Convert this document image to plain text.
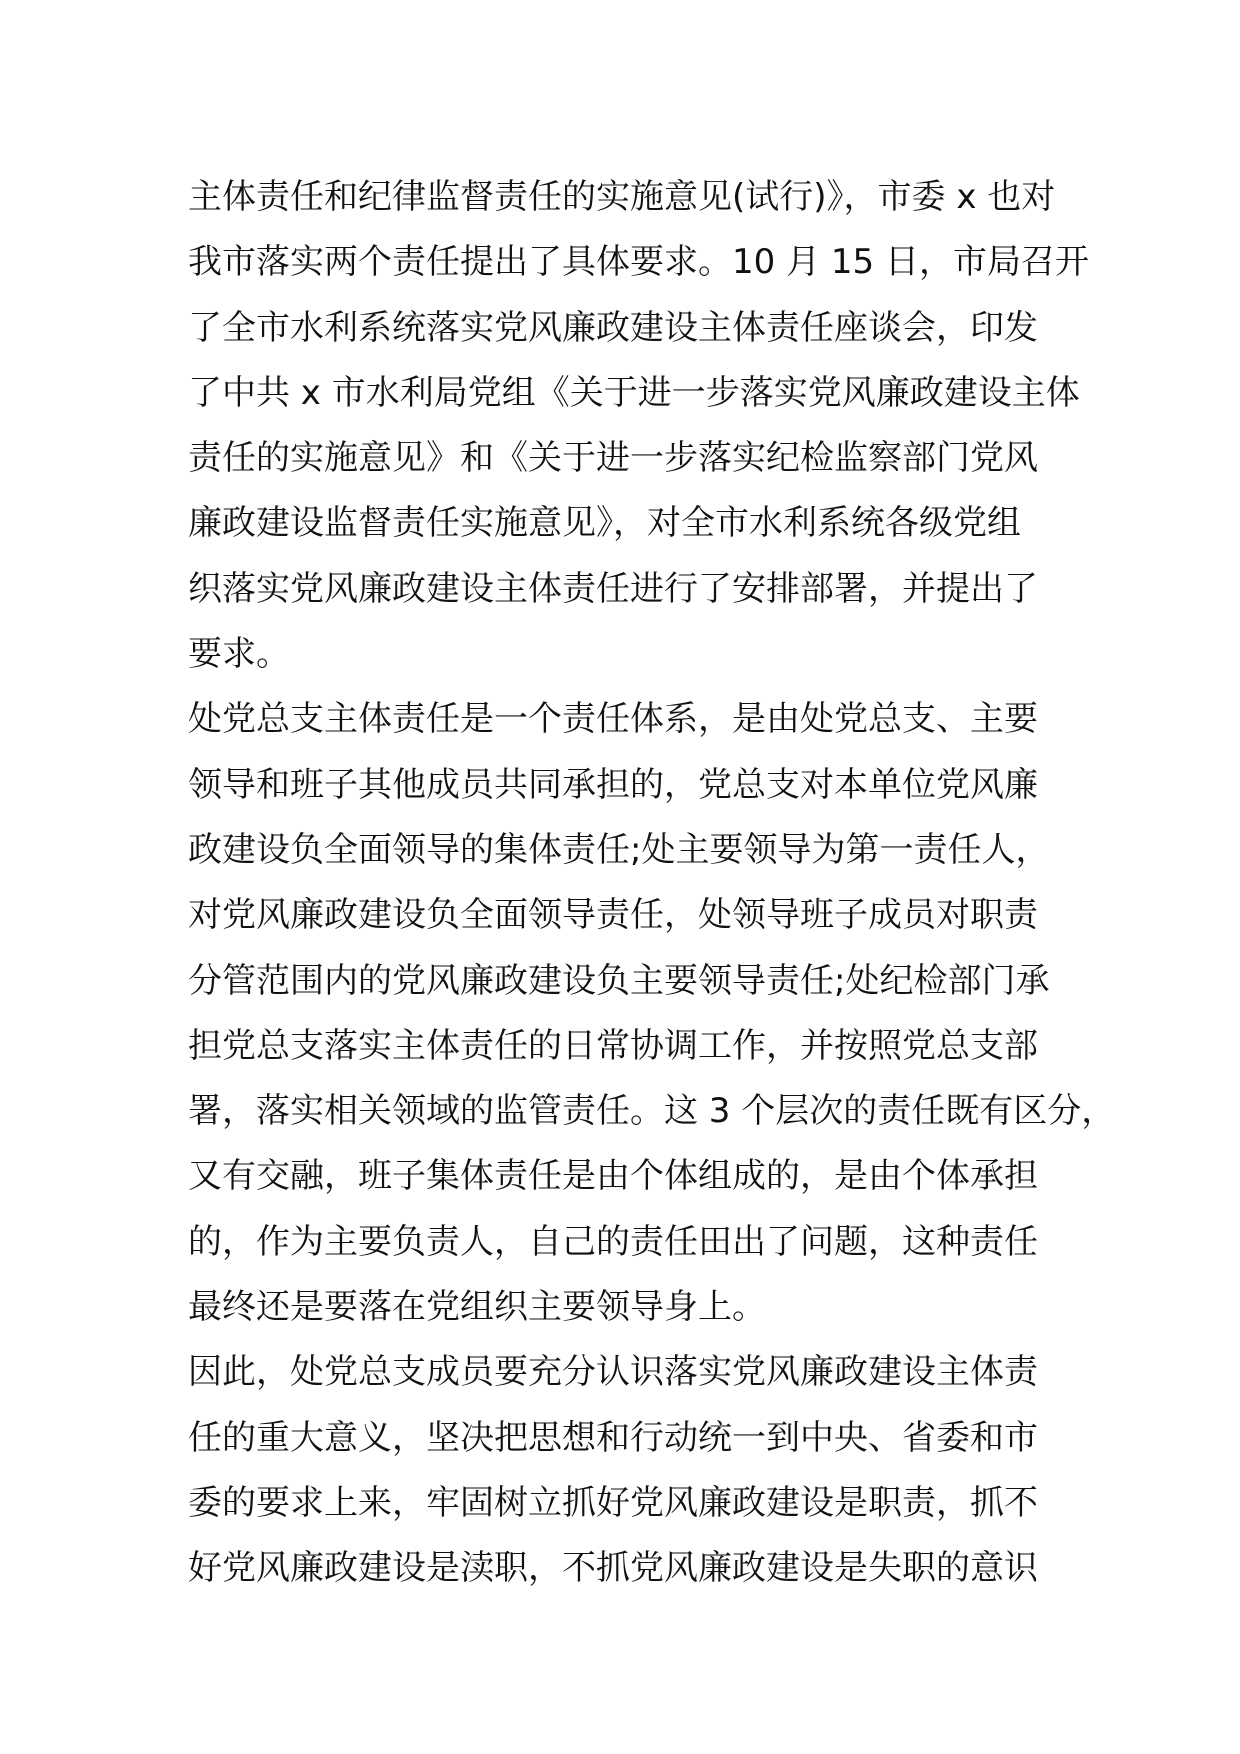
主体责任和纪律监督责任的实施意见(试行)》，市委 x 也对
我市落实两个责任提出了具体要求。10 月 15 日，市局召开
了全市水利系统落实党风廉政建设主体责任座谈会，印发
了中共 x 市水利局党组《关于进一步落实党风廉政建设主体
责任的实施意见》和《关于进一步落实纪检监察部门党风
廉政建设监督责任实施意见》，对全市水利系统各级党组
织落实党风廉政建设主体责任进行了安排部署，并提出了
要求。
处党总支主体责任是一个责任体系，是由处党总支、主要
领导和班子其他成员共同承担的，党总支对本单位党风廉
政建设负全面领导的集体责任;处主要领导为第一责任人，
对党风廉政建设负全面领导责任，处领导班子成员对职责
分管范围内的党风廉政建设负主要领导责任;处纪检部门承
担党总支落实主体责任的日常协调工作，并按照党总支部
署，落实相关领域的监管责任。这 3 个层次的责任既有区分，
又有交融，班子集体责任是由个体组成的，是由个体承担
的，作为主要负责人，自己的责任田出了问题，这种责任
最终还是要落在党组织主要领导身上。
因此，处党总支成员要充分认识落实党风廉政建设主体责
任的重大意义，坚决把思想和行动统一到中央、省委和市
委的要求上来，牢固树立抓好党风廉政建设是职责，抓不
好党风廉政建设是渎职，不抓党风廉政建设是失职的意识
